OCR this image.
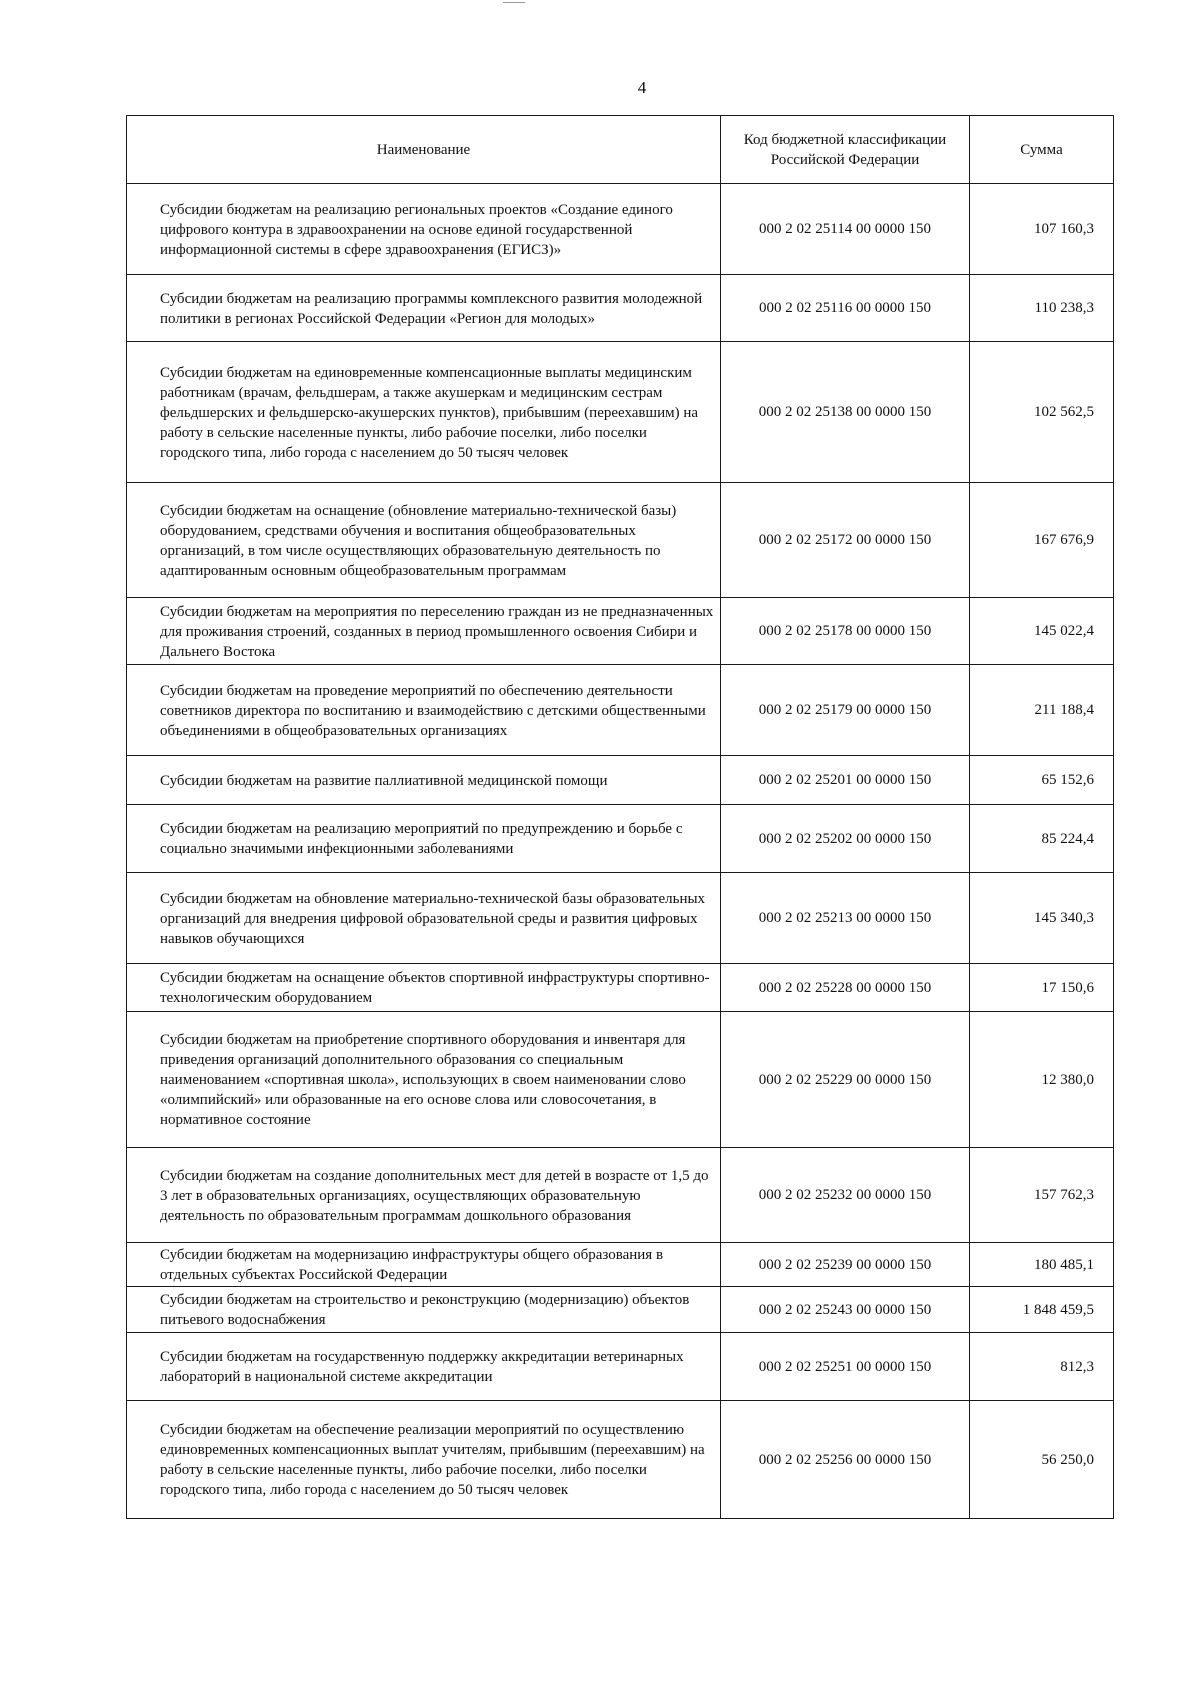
4
Наименование	Код бюджетной классификации Российской Федерации	Сумма
Субсидии бюджетам на реализацию региональных проектов «Создание единого цифрового контура в здравоохранении на основе единой государственной информационной системы в сфере здравоохранения (ЕГИСЗ)»	000 2 02 25114 00 0000 150	107 160,3
Субсидии бюджетам на реализацию программы комплексного развития молодежной политики в регионах Российской Федерации «Регион для молодых»	000 2 02 25116 00 0000 150	110 238,3
Субсидии бюджетам на единовременные компенсационные выплаты медицинским работникам (врачам, фельдшерам, а также акушеркам и медицинским сестрам фельдшерских и фельдшерско-акушерских пунктов), прибывшим (переехавшим) на работу в сельские населенные пункты, либо рабочие поселки, либо поселки городского типа, либо города с населением до 50 тысяч человек	000 2 02 25138 00 0000 150	102 562,5
Субсидии бюджетам на оснащение (обновление материально-технической базы) оборудованием, средствами обучения и воспитания общеобразовательных организаций, в том числе осуществляющих образовательную деятельность по адаптированным основным общеобразовательным программам	000 2 02 25172 00 0000 150	167 676,9
Субсидии бюджетам на мероприятия по переселению граждан из не предназначенных для проживания строений, созданных в период промышленного освоения Сибири и Дальнего Востока	000 2 02 25178 00 0000 150	145 022,4
Субсидии бюджетам на проведение мероприятий по обеспечению деятельности советников директора по воспитанию и взаимодействию с детскими общественными объединениями в общеобразовательных организациях	000 2 02 25179 00 0000 150	211 188,4
Субсидии бюджетам на развитие паллиативной медицинской помощи	000 2 02 25201 00 0000 150	65 152,6
Субсидии бюджетам на реализацию мероприятий по предупреждению и борьбе с социально значимыми инфекционными заболеваниями	000 2 02 25202 00 0000 150	85 224,4
Субсидии бюджетам на обновление материально-технической базы образовательных организаций для внедрения цифровой образовательной среды и развития цифровых навыков обучающихся	000 2 02 25213 00 0000 150	145 340,3
Субсидии бюджетам на оснащение объектов спортивной инфраструктуры спортивно-технологическим оборудованием	000 2 02 25228 00 0000 150	17 150,6
Субсидии бюджетам на приобретение спортивного оборудования и инвентаря для приведения организаций дополнительного образования со специальным наименованием «спортивная школа», использующих в своем наименовании слово «олимпийский» или образованные на его основе слова или словосочетания, в нормативное состояние	000 2 02 25229 00 0000 150	12 380,0
Субсидии бюджетам на создание дополнительных мест для детей в возрасте от 1,5 до 3 лет в образовательных организациях, осуществляющих образовательную деятельность по образовательным программам дошкольного образования	000 2 02 25232 00 0000 150	157 762,3
Субсидии бюджетам на модернизацию инфраструктуры общего образования в отдельных субъектах Российской Федерации	000 2 02 25239 00 0000 150	180 485,1
Субсидии бюджетам на строительство и реконструкцию (модернизацию) объектов питьевого водоснабжения	000 2 02 25243 00 0000 150	1 848 459,5
Субсидии бюджетам на государственную поддержку аккредитации ветеринарных лабораторий в национальной системе аккредитации	000 2 02 25251 00 0000 150	812,3
Субсидии бюджетам на обеспечение реализации мероприятий по осуществлению единовременных компенсационных выплат учителям, прибывшим (переехавшим) на работу в сельские населенные пункты, либо рабочие поселки, либо поселки городского типа, либо города с населением до 50 тысяч человек	000 2 02 25256 00 0000 150	56 250,0
